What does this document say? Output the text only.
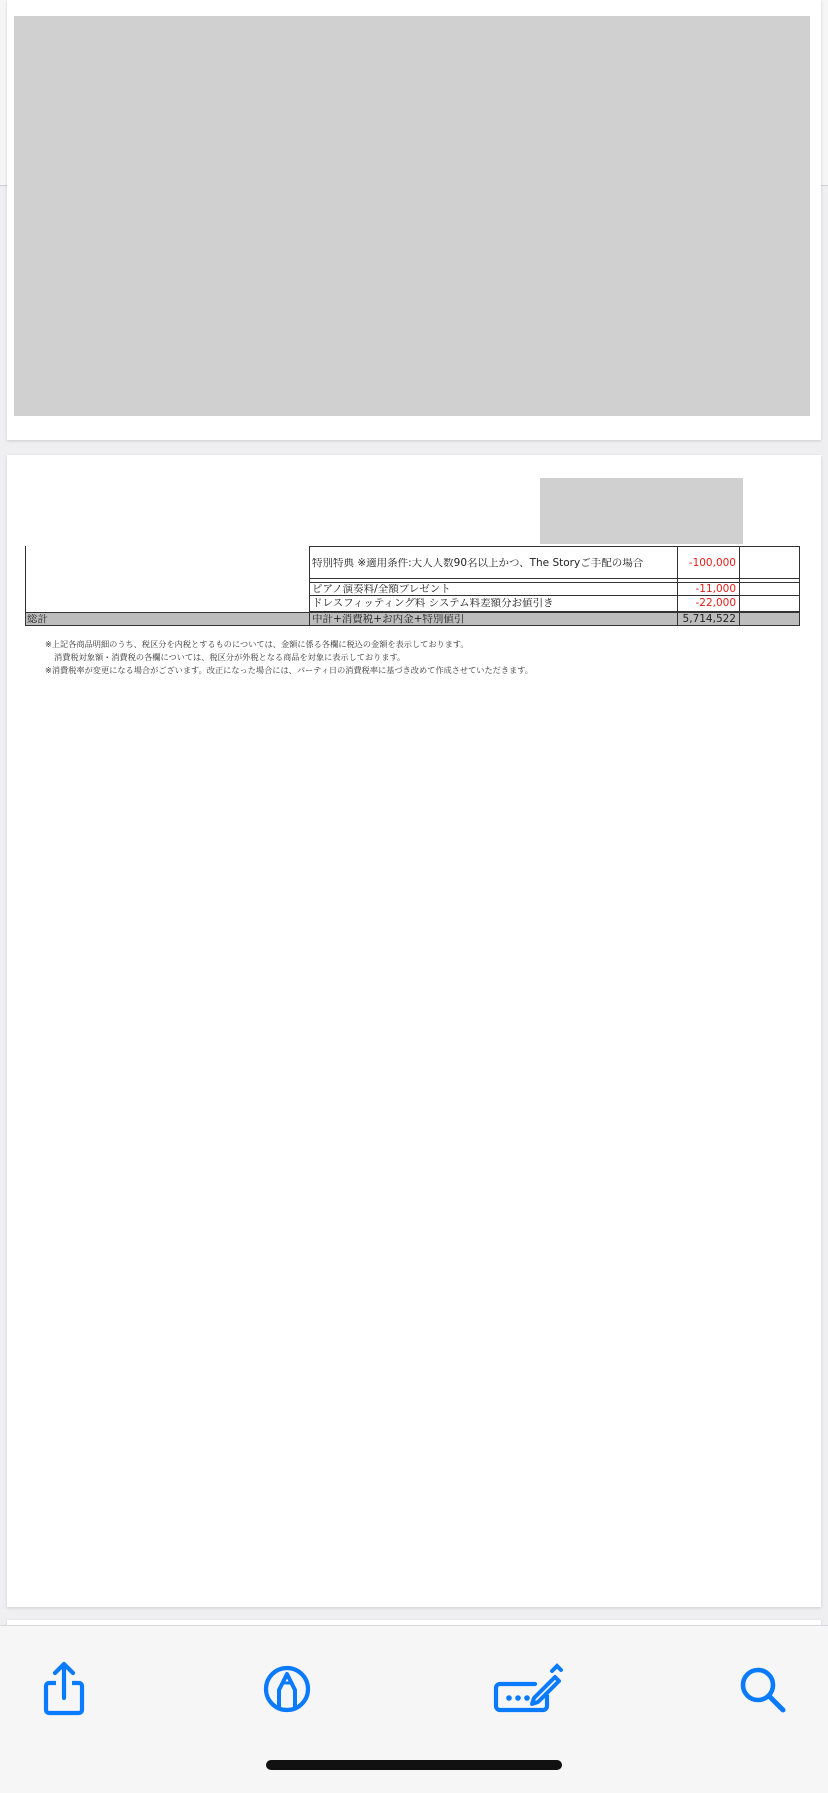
特別特典 ※適用条件:大人人数90名以上かつ、The Storyご手配の場合	-100,000
ピアノ演奏料/全額プレゼント	-11,000
ドレスフィッティング料 システム料差額分お値引き	-22,000
総計	中計+消費税+お内金+特別値引	5,714,522
※上記各商品明細のうち、税区分を内税とするものについては、金額に係る各欄に税込の金額を表示しております。
消費税対象額・消費税の各欄については、税区分が外税となる商品を対象に表示しております。
※消費税率が変更になる場合がございます。改正になった場合には、パーティ日の消費税率に基づき改めて作成させていただきます。
